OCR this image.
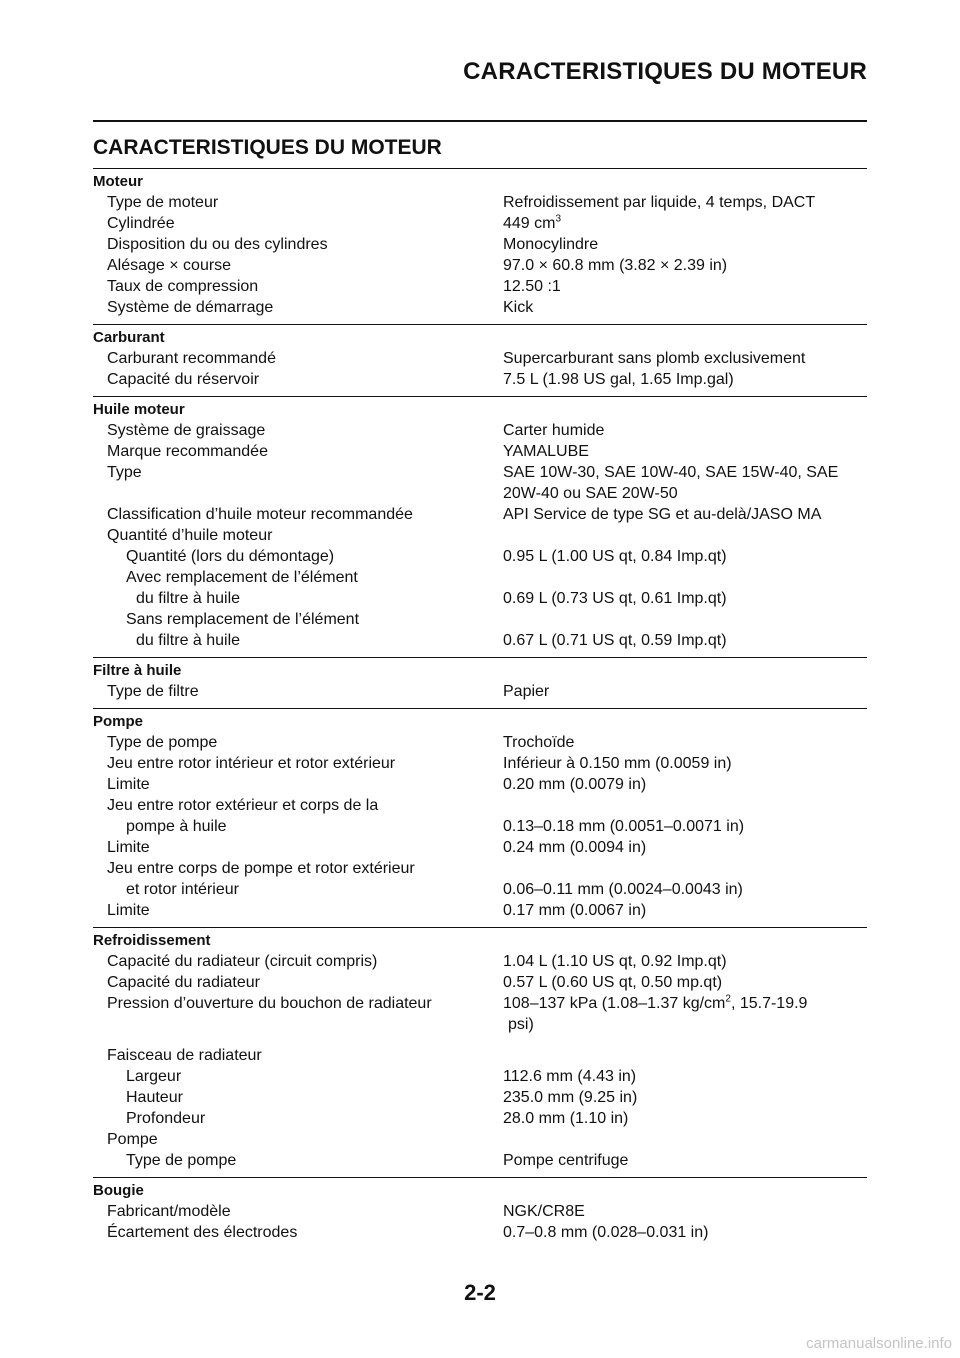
CARACTERISTIQUES DU MOTEUR
CARACTERISTIQUES DU MOTEUR
Moteur
Type de moteur	Refroidissement par liquide, 4 temps, DACT
Cylindrée	449 $cm^3$
Disposition du ou des cylindres	Monocylindre
Alésage × course	97.0 × 60.8 mm (3.82 × 2.39 in)
Taux de compression	12.50 :1
Système de démarrage	Kick
Carburant
Carburant recommandé	Supercarburant sans plomb exclusivement
Capacité du réservoir	7.5 L (1.98 US gal, 1.65 Imp.gal)
Huile moteur
Système de graissage	Carter humide
Marque recommandée	YAMALUBE
Type	SAE 10W-30, SAE 10W-40, SAE 15W-40, SAE
20W-40 ou SAE 20W-50
Classification d’huile moteur recommandée	API Service de type SG et au-delà/JASO MA
Quantité d’huile moteur
Quantité (lors du démontage)	0.95 L (1.00 US qt, 0.84 Imp.qt)
Avec remplacement de l’élément
du filtre à huile	0.69 L (0.73 US qt, 0.61 Imp.qt)
Sans remplacement de l’élément
du filtre à huile	0.67 L (0.71 US qt, 0.59 Imp.qt)
Filtre à huile
Type de filtre	Papier
Pompe
Type de pompe	Trochoïde
Jeu entre rotor intérieur et rotor extérieur	Inférieur à 0.150 mm (0.0059 in)
Limite	0.20 mm (0.0079 in)
Jeu entre rotor extérieur et corps de la
pompe à huile	0.13–0.18 mm (0.0051–0.0071 in)
Limite	0.24 mm (0.0094 in)
Jeu entre corps de pompe et rotor extérieur
et rotor intérieur	0.06–0.11 mm (0.0024–0.0043 in)
Limite	0.17 mm (0.0067 in)
Refroidissement
Capacité du radiateur (circuit compris)	1.04 L (1.10 US qt, 0.92 Imp.qt)
Capacité du radiateur	0.57 L (0.60 US qt, 0.50 mp.qt)
Pression d’ouverture du bouchon de radiateur	108–137 kPa (1.08–1.37 $kg/cm^2$, 15.7-19.9
psi)
Faisceau de radiateur
Largeur	112.6 mm (4.43 in)
Hauteur	235.0 mm (9.25 in)
Profondeur	28.0 mm (1.10 in)
Pompe
Type de pompe	Pompe centrifuge
Bougie
Fabricant/modèle	NGK/CR8E
Écartement des électrodes	0.7–0.8 mm (0.028–0.031 in)
2-2
carmanualsonline.info
